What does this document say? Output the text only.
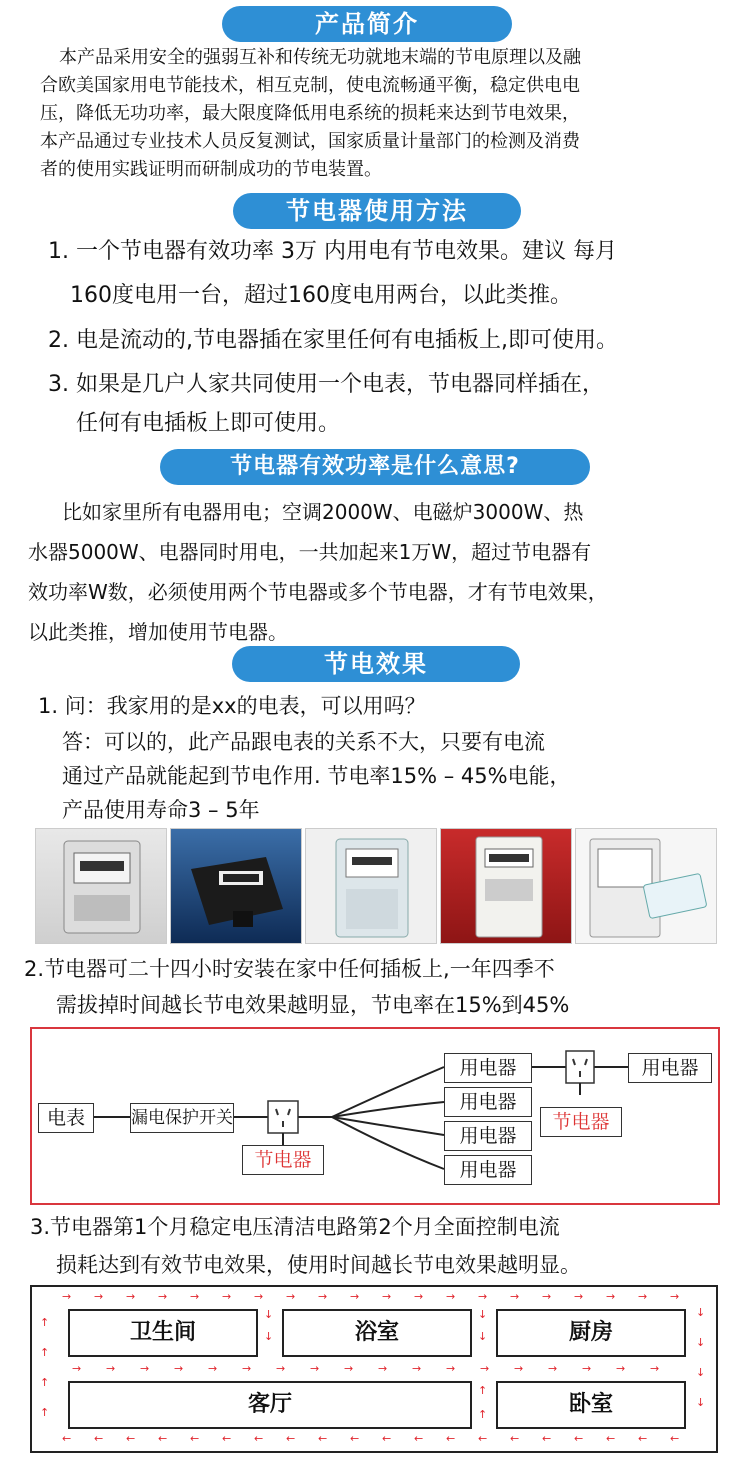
产品简介
本产品采用安全的强弱互补和传统无功就地末端的节电原理以及融
合欧美国家用电节能技术，相互克制，使电流畅通平衡，稳定供电电
压，降低无功功率，最大限度降低用电系统的损耗来达到节电效果，
本产品通过专业技术人员反复测试，国家质量计量部门的检测及消费
者的使用实践证明而研制成功的节电装置。
节电器使用方法
1. 一个节电器有效功率 3万 内用电有节电效果。建议 每月
160度电用一台，超过160度电用两台，以此类推。
2. 电是流动的,节电器插在家里任何有电插板上,即可使用。
3. 如果是几户人家共同使用一个电表，节电器同样插在，
任何有电插板上即可使用。
节电器有效功率是什么意思?
比如家里所有电器用电；空调2000W、电磁炉3000W、热
水器5000W、电器同时用电，一共加起来1万W，超过节电器有
效功率W数，必须使用两个节电器或多个节电器，才有节电效果，
以此类推，增加使用节电器。
节电效果
1. 问：我家用的是xx的电表，可以用吗？
答：可以的，此产品跟电表的关系不大，只要有电流
通过产品就能起到节电作用. 节电率15% – 45%电能，
产品使用寿命3 – 5年
2.节电器可二十四小时安装在家中任何插板上,一年四季不
需拔掉时间越长节电效果越明显，节电率在15%到45%
电表	漏电保护开关
节电器
用电器
用电器
用电器
用电器
节电器
用电器
3.节电器第1个月稳定电压清洁电路第2个月全面控制电流
损耗达到有效节电效果，使用时间越长节电效果越明显。
→ → → → → → → → → → → → → → → → → → → →
← ← ← ← ← ← ← ← ← ← ← ← ← ← ← ← ← ← ← ←
↑
↑
↑
↑
↓
↓
↓
↓
↓	↓
↓	↓
↑
↑
→ → → → → → → → → → → → → → → → → →
卫生间	浴室	厨房
客厅	卧室
